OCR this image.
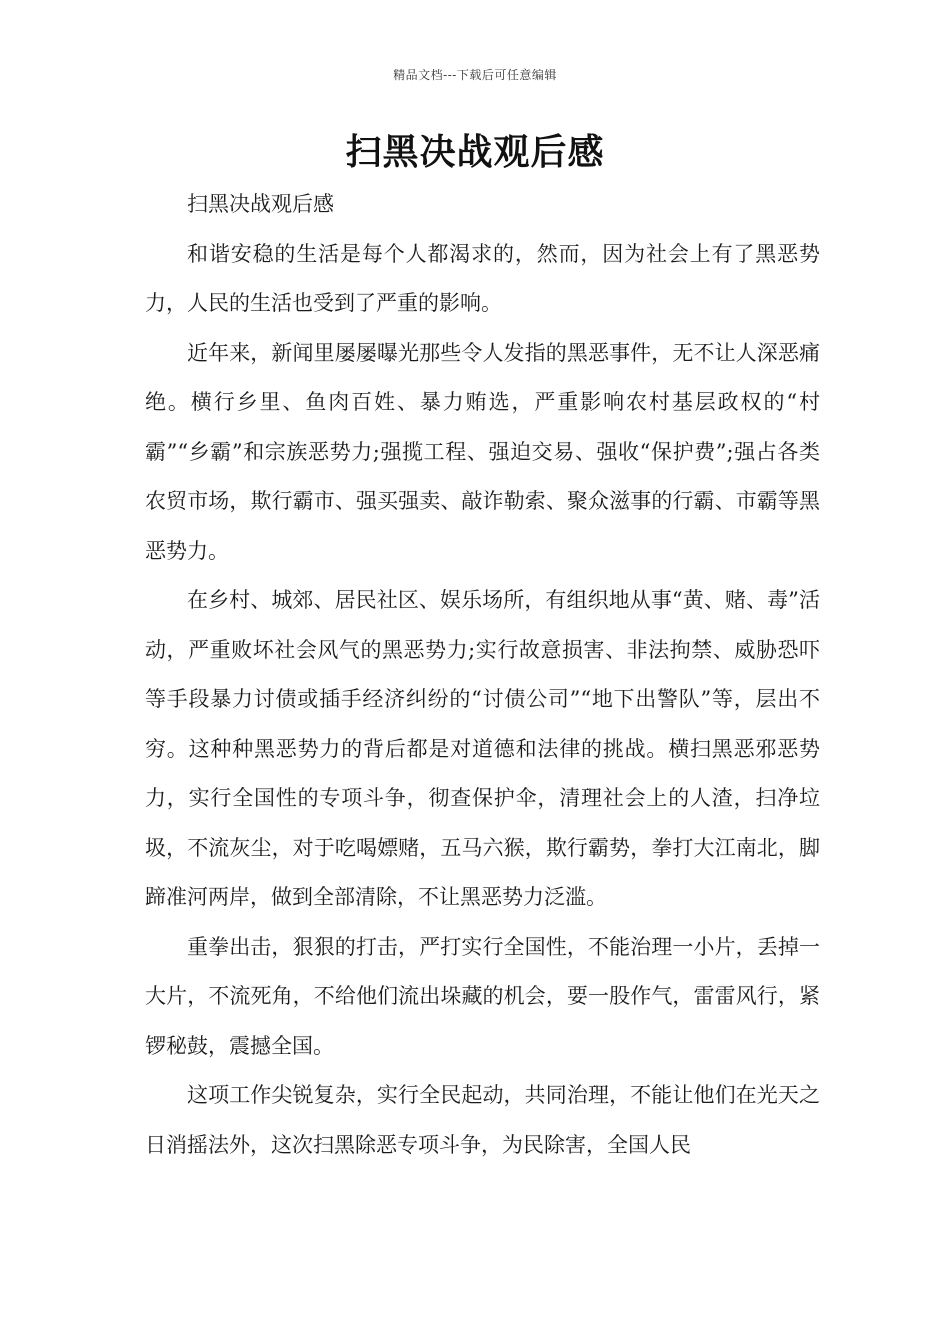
精品文档---下载后可任意编辑
扫黑决战观后感

扫黑决战观后感

和谐安稳的生活是每个人都渴求的，然而，因为社会上有了黑恶势力，人民的生活也受到了严重的影响。

近年来，新闻里屡屡曝光那些令人发指的黑恶事件，无不让人深恶痛绝。横行乡里、鱼肉百姓、暴力贿选，严重影响农村基层政权的“村霸”“乡霸”和宗族恶势力;强揽工程、强迫交易、强收“保护费”;强占各类农贸市场，欺行霸市、强买强卖、敲诈勒索、聚众滋事的行霸、市霸等黑恶势力。

在乡村、城郊、居民社区、娱乐场所，有组织地从事“黄、赌、毒”活动，严重败坏社会风气的黑恶势力;实行故意损害、非法拘禁、威胁恐吓等手段暴力讨债或插手经济纠纷的“讨债公司”“地下出警队”等，层出不穷。这种种黑恶势力的背后都是对道德和法律的挑战。横扫黑恶邪恶势力，实行全国性的专项斗争，彻查保护伞，清理社会上的人渣，扫净垃圾，不流灰尘，对于吃喝嫖赌，五马六猴，欺行霸势，拳打大江南北，脚蹄准河两岸，做到全部清除，不让黑恶势力泛滥。

重拳出击，狠狠的打击，严打实行全国性，不能治理一小片，丢掉一大片，不流死角，不给他们流出垛藏的机会，要一股作气，雷雷风行，紧锣秘鼓，震撼全国。

这项工作尖锐复杂，实行全民起动，共同治理，不能让他们在光天之日消摇法外，这次扫黑除恶专项斗争，为民除害，全国人民
